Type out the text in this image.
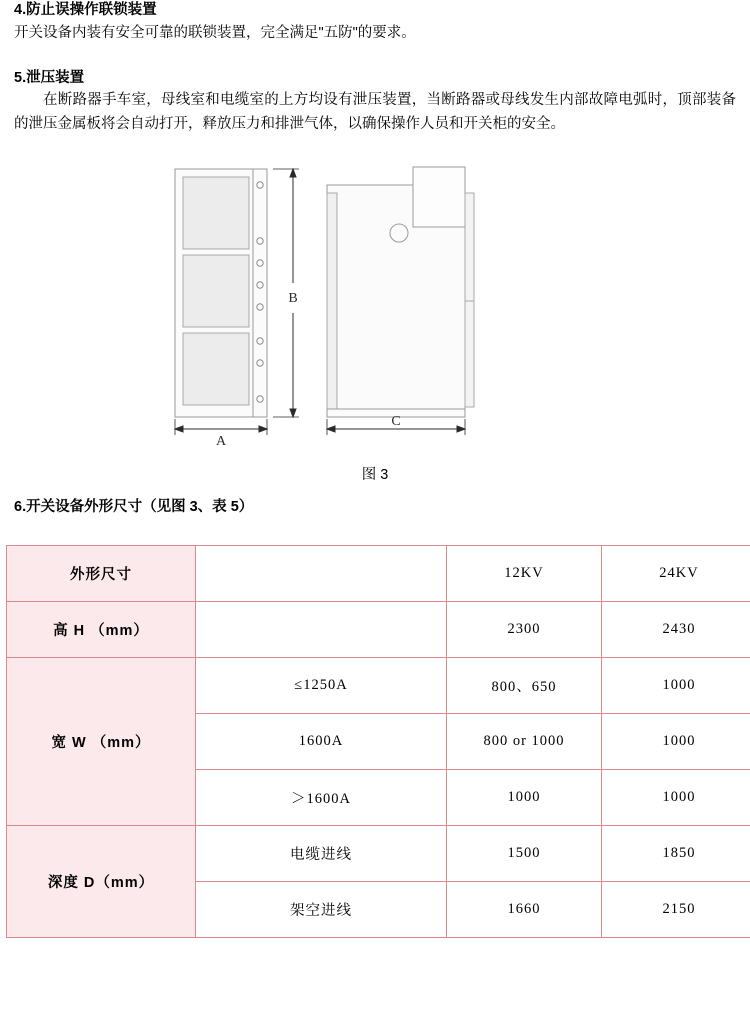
4.防止误操作联锁装置

开关设备内装有安全可靠的联锁装置，完全满足"五防"的要求。

5.泄压装置

在断路器手车室，母线室和电缆室的上方均设有泄压装置，当断路器或母线发生内部故障电弧时，顶部装备的泄压金属板将会自动打开，释放压力和排泄气体，以确保操作人员和开关柜的安全。

B
A
C
图 3

6.开关设备外形尺寸（见图 3、表 5）

外形尺寸		12KV	24KV
高 H （mm）		2300	2430
宽 W （mm）	≤1250A	800、650	1000
	1600A	800 or 1000	1000
	＞1600A	1000	1000
深度 D（mm）	电缆进线	1500	1850
	架空进线	1660	2150
